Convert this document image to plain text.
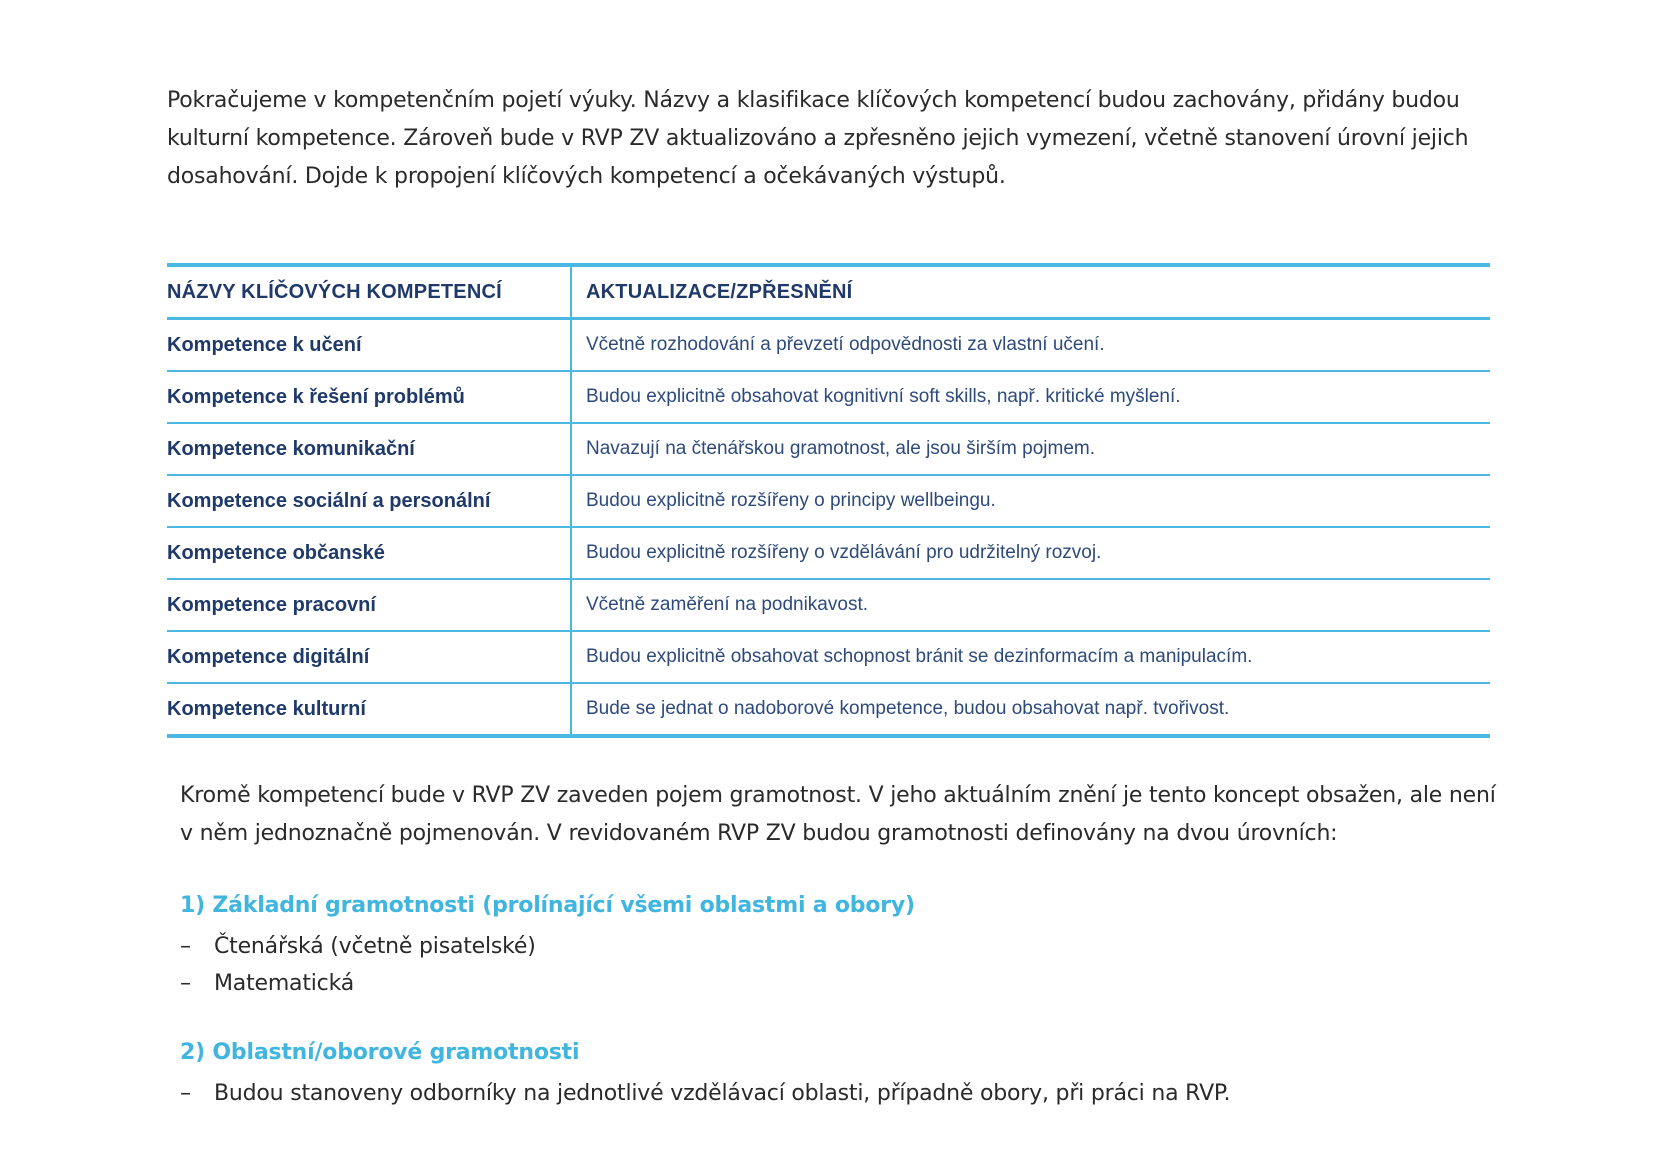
Pokračujeme v kompetenčním pojetí výuky. Názvy a klasifikace klíčových kompetencí budou zachovány, přidány budou kulturní kompetence. Zároveň bude v RVP ZV aktualizováno a zpřesněno jejich vymezení, včetně stanovení úrovní jejich dosahování. Dojde k propojení klíčových kompetencí a očekávaných výstupů.

NÁZVY KLÍČOVÝCH KOMPETENCÍ	AKTUALIZACE/ZPŘESNĚNÍ
Kompetence k učení	Včetně rozhodování a převzetí odpovědnosti za vlastní učení.
Kompetence k řešení problémů	Budou explicitně obsahovat kognitivní soft skills, např. kritické myšlení.
Kompetence komunikační	Navazují na čtenářskou gramotnost, ale jsou širším pojmem.
Kompetence sociální a personální	Budou explicitně rozšířeny o principy wellbeingu.
Kompetence občanské	Budou explicitně rozšířeny o vzdělávání pro udržitelný rozvoj.
Kompetence pracovní	Včetně zaměření na podnikavost.
Kompetence digitální	Budou explicitně obsahovat schopnost bránit se dezinformacím a manipulacím.
Kompetence kulturní	Bude se jednat o nadoborové kompetence, budou obsahovat např. tvořivost.

Kromě kompetencí bude v RVP ZV zaveden pojem gramotnost. V jeho aktuálním znění je tento koncept obsažen, ale není v něm jednoznačně pojmenován. V revidovaném RVP ZV budou gramotnosti definovány na dvou úrovních:

1) Základní gramotnosti (prolínající všemi oblastmi a obory)
– Čtenářská (včetně pisatelské)
– Matematická
2) Oblastní/oborové gramotnosti
– Budou stanoveny odborníky na jednotlivé vzdělávací oblasti, případně obory, při práci na RVP.
